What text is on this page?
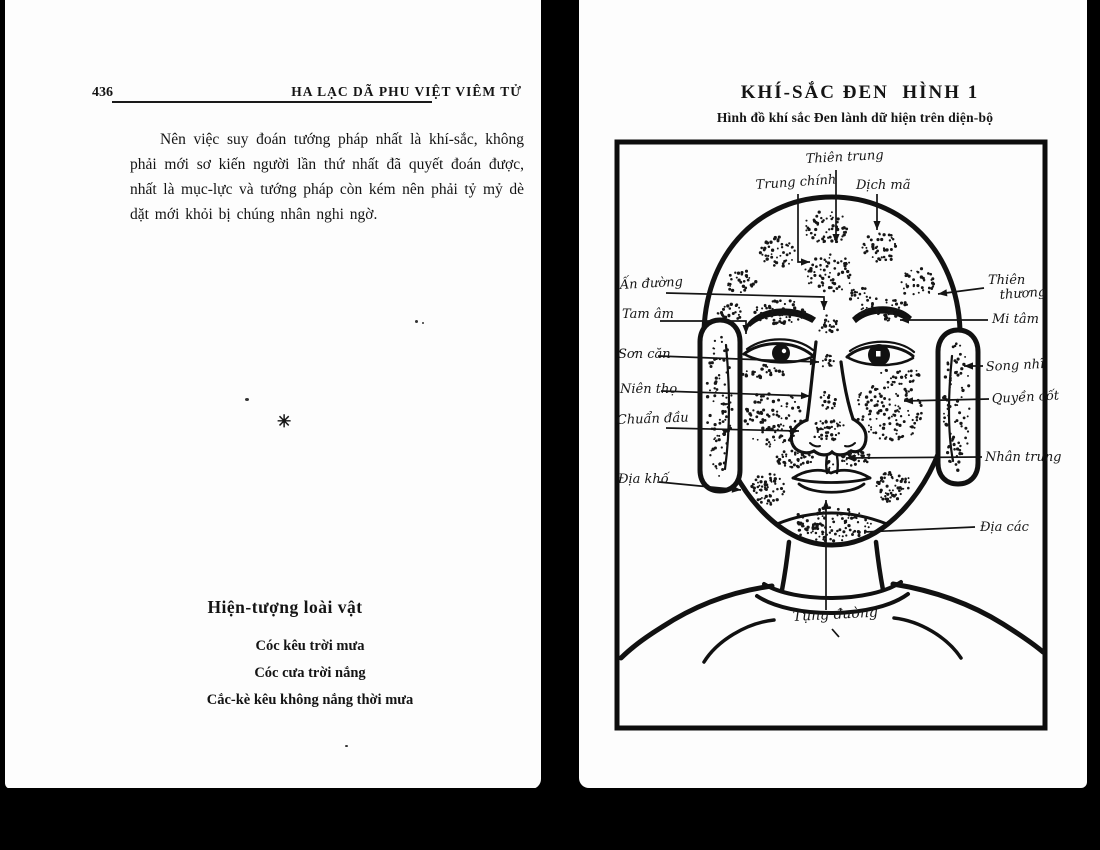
436	HA LẠC DÃ PHU VIỆT VIÊM TỬ
Nên việc suy đoán tướng pháp nhất là khí-sắc, không phải mới sơ kiến người lần thứ nhất đã quyết đoán được, nhất là mục-lực và tướng pháp còn kém nên phải tỷ mỷ dè dặt mới khỏi bị chúng nhân nghi ngờ.
✳
Hiện-tượng loài vật
Cóc kêu trời mưa
Cóc cưa trời nắng
Cắc-kè kêu không nắng thời mưa
KHÍ-SẮC ĐEN  HÌNH 1
Hình đồ khí sắc Đen lành dữ hiện trên diện-bộ
Thiên trung
Trung chính Dịch mã
Ấn đường
Tam âm
Sơn căn
Niên thọ
Chuẩn đầu
Địa khố
Thiên
thương
Mi tâm
Song nhĩ
Quyền cốt
Nhân trung
Địa các
Tụng đường
